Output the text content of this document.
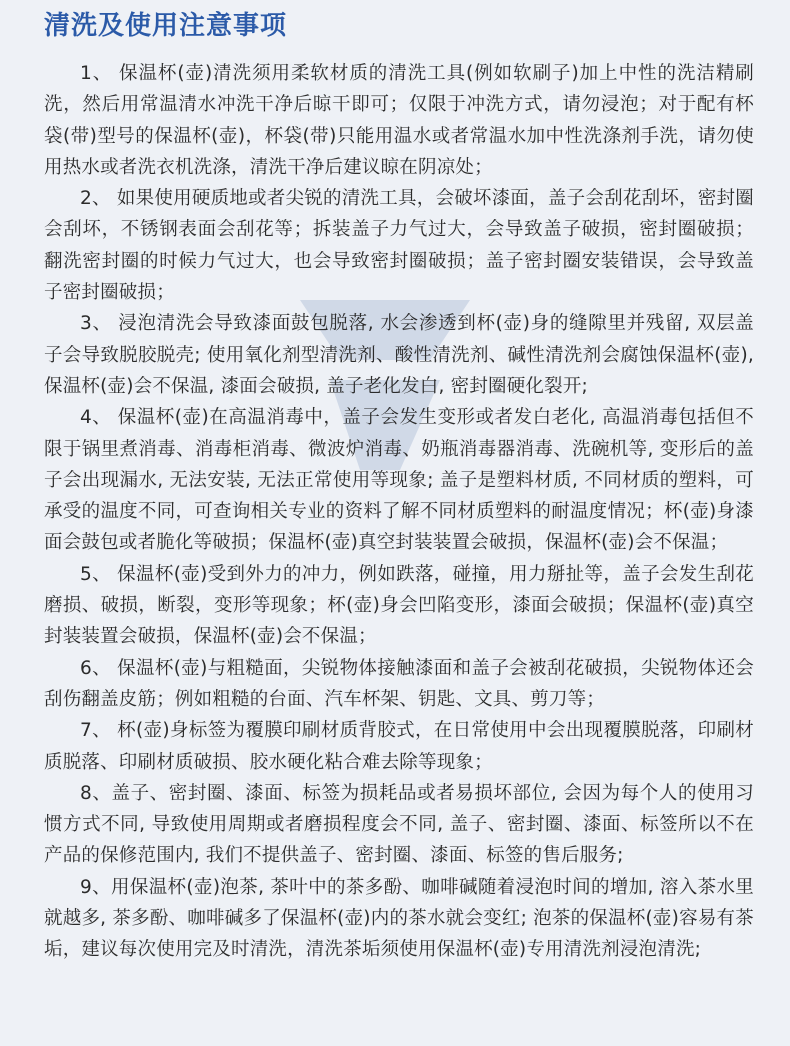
清洗及使用注意事项

1、 保温杯(壶)清洗须用柔软材质的清洗工具(例如软刷子)加上中性的洗洁精刷洗，然后用常温清水冲洗干净后晾干即可；仅限于冲洗方式，请勿浸泡；对于配有杯袋(带)型号的保温杯(壶)，杯袋(带)只能用温水或者常温水加中性洗涤剂手洗，请勿使用热水或者洗衣机洗涤，清洗干净后建议晾在阴凉处；

2、 如果使用硬质地或者尖锐的清洗工具，会破坏漆面，盖子会刮花刮坏，密封圈会刮坏，不锈钢表面会刮花等；拆装盖子力气过大，会导致盖子破损，密封圈破损；翻洗密封圈的时候力气过大，也会导致密封圈破损；盖子密封圈安装错误，会导致盖子密封圈破损；

3、 浸泡清洗会导致漆面鼓包脱落, 水会渗透到杯(壶)身的缝隙里并残留, 双层盖子会导致脱胶脱壳; 使用氧化剂型清洗剂、酸性清洗剂、碱性清洗剂会腐蚀保温杯(壶), 保温杯(壶)会不保温, 漆面会破损, 盖子老化发白, 密封圈硬化裂开;

4、 保温杯(壶)在高温消毒中，盖子会发生变形或者发白老化, 高温消毒包括但不限于锅里煮消毒、消毒柜消毒、微波炉消毒、奶瓶消毒器消毒、洗碗机等, 变形后的盖子会出现漏水, 无法安装, 无法正常使用等现象; 盖子是塑料材质, 不同材质的塑料，可承受的温度不同，可查询相关专业的资料了解不同材质塑料的耐温度情况；杯(壶)身漆面会鼓包或者脆化等破损；保温杯(壶)真空封装装置会破损，保温杯(壶)会不保温；

5、 保温杯(壶)受到外力的冲力，例如跌落，碰撞，用力掰扯等，盖子会发生刮花磨损、破损，断裂，变形等现象；杯(壶)身会凹陷变形，漆面会破损；保温杯(壶)真空封装装置会破损，保温杯(壶)会不保温；

6、 保温杯(壶)与粗糙面，尖锐物体接触漆面和盖子会被刮花破损，尖锐物体还会刮伤翻盖皮筋；例如粗糙的台面、汽车杯架、钥匙、文具、剪刀等；

7、 杯(壶)身标签为覆膜印刷材质背胶式，在日常使用中会出现覆膜脱落，印刷材质脱落、印刷材质破损、胶水硬化粘合难去除等现象；

8、盖子、密封圈、漆面、标签为损耗品或者易损坏部位, 会因为每个人的使用习惯方式不同, 导致使用周期或者磨损程度会不同, 盖子、密封圈、漆面、标签所以不在产品的保修范围内, 我们不提供盖子、密封圈、漆面、标签的售后服务;

9、用保温杯(壶)泡茶, 茶叶中的茶多酚、咖啡碱随着浸泡时间的增加, 溶入茶水里就越多, 茶多酚、咖啡碱多了保温杯(壶)内的茶水就会变红; 泡茶的保温杯(壶)容易有茶垢，建议每次使用完及时清洗，清洗茶垢须使用保温杯(壶)专用清洗剂浸泡清洗;
